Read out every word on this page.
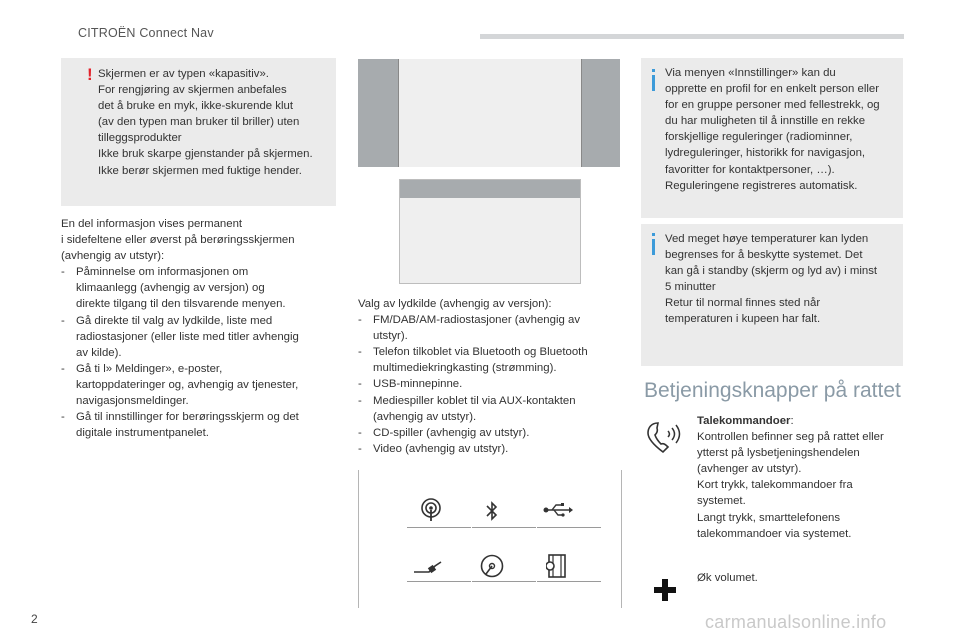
CITROËN Connect Nav
! Skjermen er av typen «kapasitiv».
For rengjøring av skjermen anbefales
det å bruke en myk, ikke-skurende klut
(av den typen man bruker til briller) uten
tilleggsprodukter
Ikke bruk skarpe gjenstander på skjermen.
Ikke berør skjermen med fuktige hender.
En del informasjon vises permanent
i sidefeltene eller øverst på berøringsskjermen
(avhengig av utstyr):
- Påminnelse om informasjonen om
klimaanlegg (avhengig av versjon) og
direkte tilgang til den tilsvarende menyen.
- Gå direkte til valg av lydkilde, liste med
radiostasjoner (eller liste med titler avhengig
av kilde).
- Gå ti l» Meldinger», e-poster,
kartoppdateringer og, avhengig av tjenester,
navigasjonsmeldinger.
- Gå til innstillinger for berøringsskjerm og det
digitale instrumentpanelet.
Valg av lydkilde (avhengig av versjon):
- FM/DAB/AM-radiostasjoner (avhengig av
utstyr).
- Telefon tilkoblet via Bluetooth og Bluetooth
multimediekringkasting (strømming).
- USB-minnepinne.
- Mediespiller koblet til via AUX-kontakten
(avhengig av utstyr).
- CD-spiller (avhengig av utstyr).
- Video (avhengig av utstyr).
Via menyen «Innstillinger» kan du
opprette en profil for en enkelt person eller
for en gruppe personer med fellestrekk, og
du har muligheten til å innstille en rekke
forskjellige reguleringer (radiominner,
lydreguleringer, historikk for navigasjon,
favoritter for kontaktpersoner, …).
Reguleringene registreres automatisk.
Ved meget høye temperaturer kan lyden
begrenses for å beskytte systemet. Det
kan gå i standby (skjerm og lyd av) i minst
5 minutter
Retur til normal finnes sted når
temperaturen i kupeen har falt.
Betjeningsknapper på rattet
Talekommandoer:
Kontrollen befinner seg på rattet eller
ytterst på lysbetjeningshendelen
(avhenger av utstyr).
Kort trykk, talekommandoer fra
systemet.
Langt trykk, smarttelefonens
talekommandoer via systemet.
Øk volumet.
2	carmanualsonline.info
